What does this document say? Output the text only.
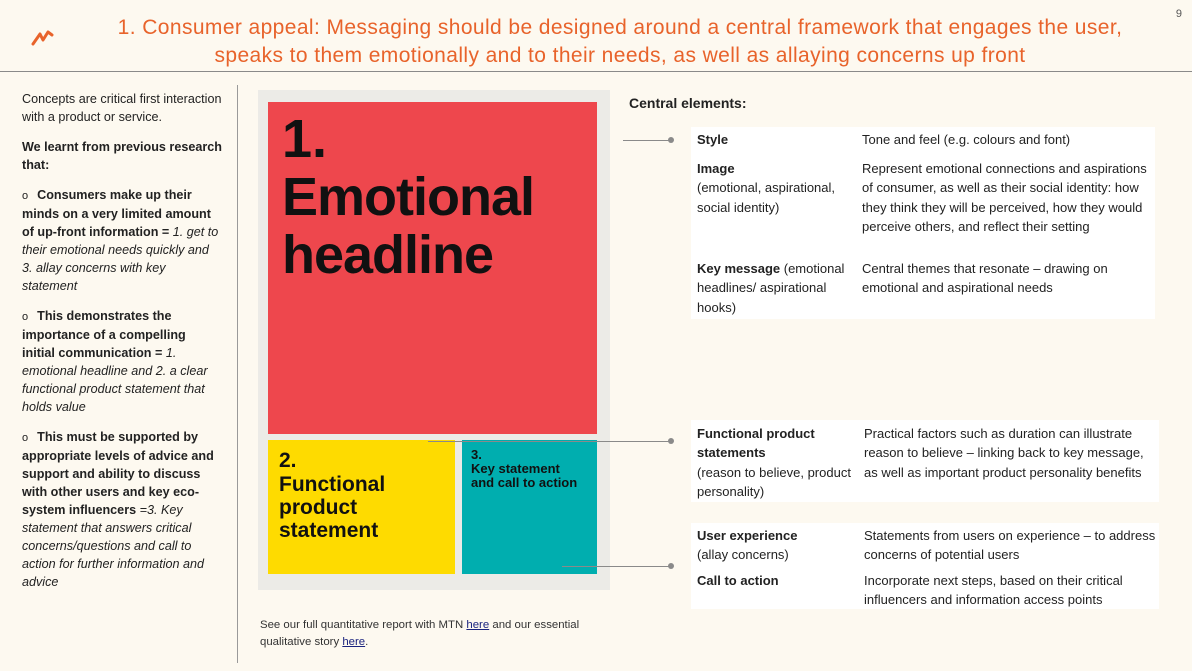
1. Consumer appeal: Messaging should be designed around a central framework that engages the user,
speaks to them emotionally and to their needs, as well as allaying concerns up front
9

Concepts are critical first interaction with a product or service.

We learnt from previous research that:

o Consumers make up their minds on a very limited amount of up-front information = 1. get to their emotional needs quickly and 3. allay concerns with key statement

o This demonstrates the importance of a compelling initial communication = 1. emotional headline and 2. a clear functional product statement that holds value

o This must be supported by appropriate levels of advice and support and ability to discuss with other users and key eco-system influencers =3. Key statement that answers critical concerns/questions and call to action for further information and advice

1.
Emotional
headline
2.
Functional
product
statement
3.
Key statement
and call to action
See our full quantitative report with MTN here and our essential qualitative story here.
Central elements:
Style	Tone and feel (e.g. colours and font)
Image
(emotional, aspirational, social identity)
Represent emotional connections and aspirations of consumer, as well as their social identity: how they think they will be perceived, how they would perceive others, and reflect their setting
Key message (emotional headlines/ aspirational hooks)
Central themes that resonate – drawing on emotional and aspirational needs
Functional product statements
(reason to believe, product personality)
Practical factors such as duration can illustrate reason to believe – linking back to key message, as well as important product personality benefits
User experience
(allay concerns)
Statements from users on experience – to address concerns of potential users
Call to action	Incorporate next steps, based on their critical influencers and information access points
